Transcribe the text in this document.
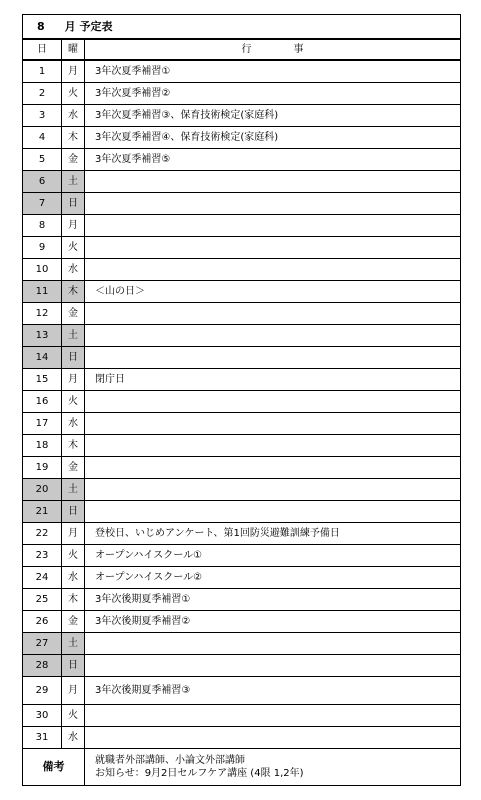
8 月 予定表		
日	曜	行 事
1	月	3年次夏季補習①
2	火	3年次夏季補習②
3	水	3年次夏季補習③、保育技術検定(家庭科)
4	木	3年次夏季補習④、保育技術検定(家庭科)
5	金	3年次夏季補習⑤
6	土	
7	日	
8	月	
9	火	
10	水	
11	木	＜山の日＞
12	金	
13	土	
14	日	
15	月	閉庁日
16	火	
17	水	
18	木	
19	金	
20	土	
21	日	
22	月	登校日、いじめアンケート、第1回防災避難訓練予備日
23	火	オープンハイスクール①
24	水	オープンハイスクール②
25	木	3年次後期夏季補習①
26	金	3年次後期夏季補習②
27	土	
28	日	
29	月	3年次後期夏季補習③
30	火	
31	水	
備考		就職者外部講師、小論文外部講師
お知らせ：9月2日セルフケア講座 (4限 1,2年)
